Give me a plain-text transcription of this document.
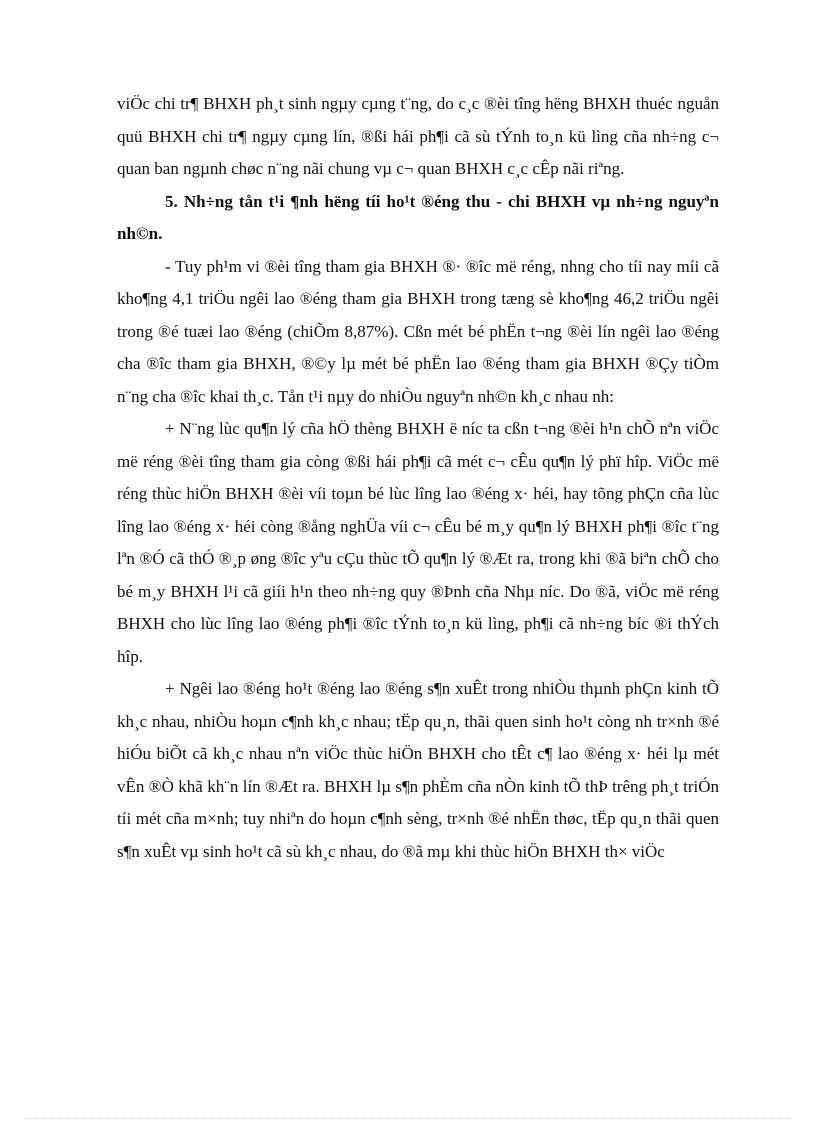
viÖc chi tr¶ BHXH ph¸t sinh ngµy cµng t¨ng, do c¸c ®èi tîng hëng BHXH thuéc nguån quü BHXH chi tr¶ ngµy cµng lín, ®ßi hái ph¶i cã sù tÝnh to¸n kü lìng cña nh÷ng c¬ quan ban ngµnh chøc n¨ng nãi chung vµ c¬ quan BHXH c¸c cÊp nãi riªng.

5. Nh÷ng tån t¹i ¶nh hëng tíi ho¹t ®éng thu - chi BHXH vµ nh÷ng nguyªn nh©n.

- Tuy ph¹m vi ®èi tîng tham gia BHXH ®· ®îc më réng, nhng cho tíi nay míi cã kho¶ng 4,1 triÖu ngêi lao ®éng tham gia BHXH trong tæng sè kho¶ng 46,2 triÖu ngêi trong ®é tuæi lao ®éng (chiÕm 8,87%). Cßn mét bé phËn t¬ng ®èi lín ngêi lao ®éng cha ®îc tham gia BHXH, ®©y lµ mét bé phËn lao ®éng tham gia BHXH ®Çy tiÒm n¨ng cha ®îc khai th¸c. Tån t¹i nµy do nhiÒu nguyªn nh©n kh¸c nhau nh:

+ N¨ng lùc qu¶n lý cña hÖ thèng BHXH ë níc ta cßn t¬ng ®èi h¹n chÕ nªn viÖc më réng ®èi tîng tham gia còng ®ßi hái ph¶i cã mét c¬ cÊu qu¶n lý phï hîp. ViÖc më réng thùc hiÖn BHXH ®èi víi toµn bé lùc lîng lao ®éng x· héi, hay tõng phÇn cña lùc lîng lao ®éng x· héi còng ®ång nghÜa víi c¬ cÊu bé m¸y qu¶n lý BHXH ph¶i ®îc t¨ng lªn ®Ó cã thÓ ®¸p øng ®îc yªu cÇu thùc tÕ qu¶n lý ®Æt ra, trong khi ®ã biªn chÕ cho bé m¸y BHXH l¹i cã giíi h¹n theo nh÷ng quy ®Þnh cña Nhµ níc. Do ®ã, viÖc më réng BHXH cho lùc lîng lao ®éng ph¶i ®îc tÝnh to¸n kü lìng, ph¶i cã nh÷ng bíc ®i thÝch hîp.

+ Ngêi lao ®éng ho¹t ®éng lao ®éng s¶n xuÊt trong nhiÒu thµnh phÇn kinh tÕ kh¸c nhau, nhiÒu hoµn c¶nh kh¸c nhau; tËp qu¸n, thãi quen sinh ho¹t còng nh tr×nh ®é hiÓu biÕt cã kh¸c nhau nªn viÖc thùc hiÖn BHXH cho tÊt c¶ lao ®éng x· héi lµ mét vÊn ®Ò khã kh¨n lín ®Æt ra. BHXH lµ s¶n phÈm cña nÒn kinh tÕ thÞ trêng ph¸t triÓn tíi mét cña m×nh; tuy nhiªn do hoµn c¶nh sèng, tr×nh ®é nhËn thøc, tËp qu¸n thãi quen s¶n xuÊt vµ sinh ho¹t cã sù kh¸c nhau, do ®ã mµ khi thùc hiÖn BHXH th× viÖc
